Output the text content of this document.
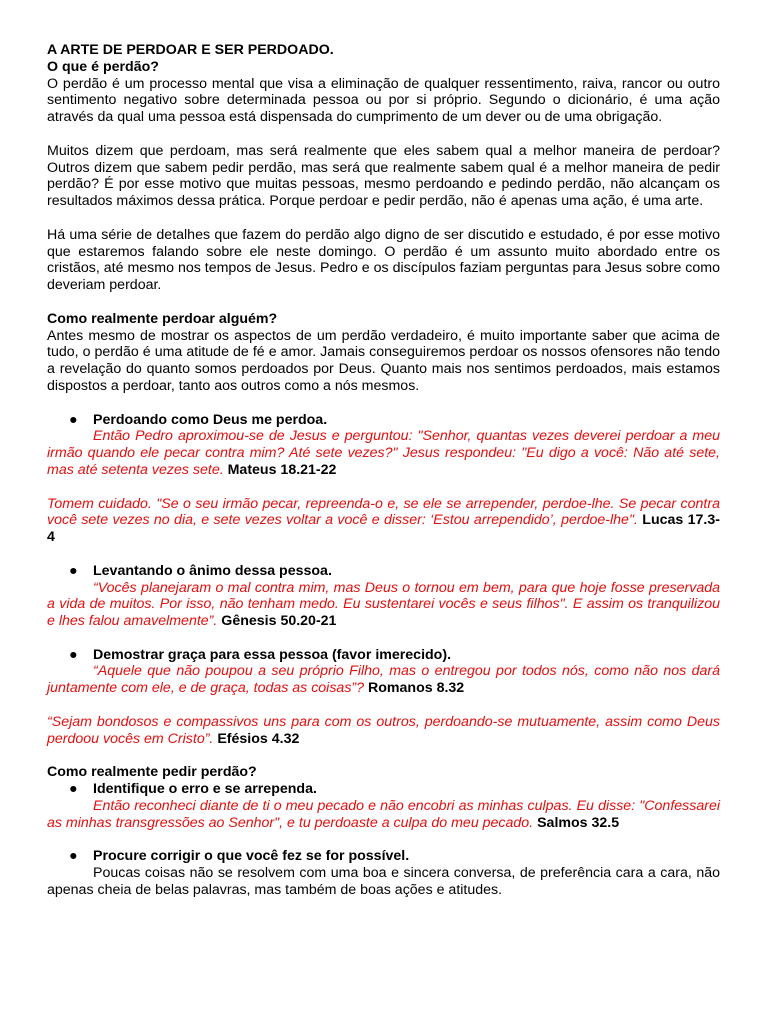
A ARTE DE PERDOAR E SER PERDOADO.
O que é perdão?

O perdão é um processo mental que visa a eliminação de qualquer ressentimento, raiva, rancor ou outro sentimento negativo sobre determinada pessoa ou por si próprio. Segundo o dicionário, é uma ação através da qual uma pessoa está dispensada do cumprimento de um dever ou de uma obrigação.

Muitos dizem que perdoam, mas será realmente que eles sabem qual a melhor maneira de perdoar? Outros dizem que sabem pedir perdão, mas será que realmente sabem qual é a melhor maneira de pedir perdão? É por esse motivo que muitas pessoas, mesmo perdoando e pedindo perdão, não alcançam os resultados máximos dessa prática. Porque perdoar e pedir perdão, não é apenas uma ação, é uma arte.

Há uma série de detalhes que fazem do perdão algo digno de ser discutido e estudado, é por esse motivo que estaremos falando sobre ele neste domingo. O perdão é um assunto muito abordado entre os cristãos, até mesmo nos tempos de Jesus. Pedro e os discípulos faziam perguntas para Jesus sobre como deveriam perdoar.

Como realmente perdoar alguém?

Antes mesmo de mostrar os aspectos de um perdão verdadeiro, é muito importante saber que acima de tudo, o perdão é uma atitude de fé e amor. Jamais conseguiremos perdoar os nossos ofensores não tendo a revelação do quanto somos perdoados por Deus. Quanto mais nos sentimos perdoados, mais estamos dispostos a perdoar, tanto aos outros como a nós mesmos.

● Perdoando como Deus me perdoa.

Então Pedro aproximou-se de Jesus e perguntou: "Senhor, quantas vezes deverei perdoar a meu irmão quando ele pecar contra mim? Até sete vezes?" Jesus respondeu: "Eu digo a você: Não até sete, mas até setenta vezes sete. Mateus 18.21-22

Tomem cuidado. "Se o seu irmão pecar, repreenda-o e, se ele se arrepender, perdoe-lhe. Se pecar contra você sete vezes no dia, e sete vezes voltar a você e disser: ‘Estou arrependido’, perdoe-lhe". Lucas 17.3-4

● Levantando o ânimo dessa pessoa.

“Vocês planejaram o mal contra mim, mas Deus o tornou em bem, para que hoje fosse preservada a vida de muitos. Por isso, não tenham medo. Eu sustentarei vocês e seus filhos". E assim os tranquilizou e lhes falou amavelmente”. Gênesis 50.20-21

● Demostrar graça para essa pessoa (favor imerecido).

“Aquele que não poupou a seu próprio Filho, mas o entregou por todos nós, como não nos dará juntamente com ele, e de graça, todas as coisas”? Romanos 8.32

“Sejam bondosos e compassivos uns para com os outros, perdoando-se mutuamente, assim como Deus perdoou vocês em Cristo”. Efésios 4.32

Como realmente pedir perdão?
● Identifique o erro e se arrependa.

Então reconheci diante de ti o meu pecado e não encobri as minhas culpas. Eu disse: "Confessarei as minhas transgressões ao Senhor", e tu perdoaste a culpa do meu pecado. Salmos 32.5

● Procure corrigir o que você fez se for possível.

Poucas coisas não se resolvem com uma boa e sincera conversa, de preferência cara a cara, não apenas cheia de belas palavras, mas também de boas ações e atitudes.
